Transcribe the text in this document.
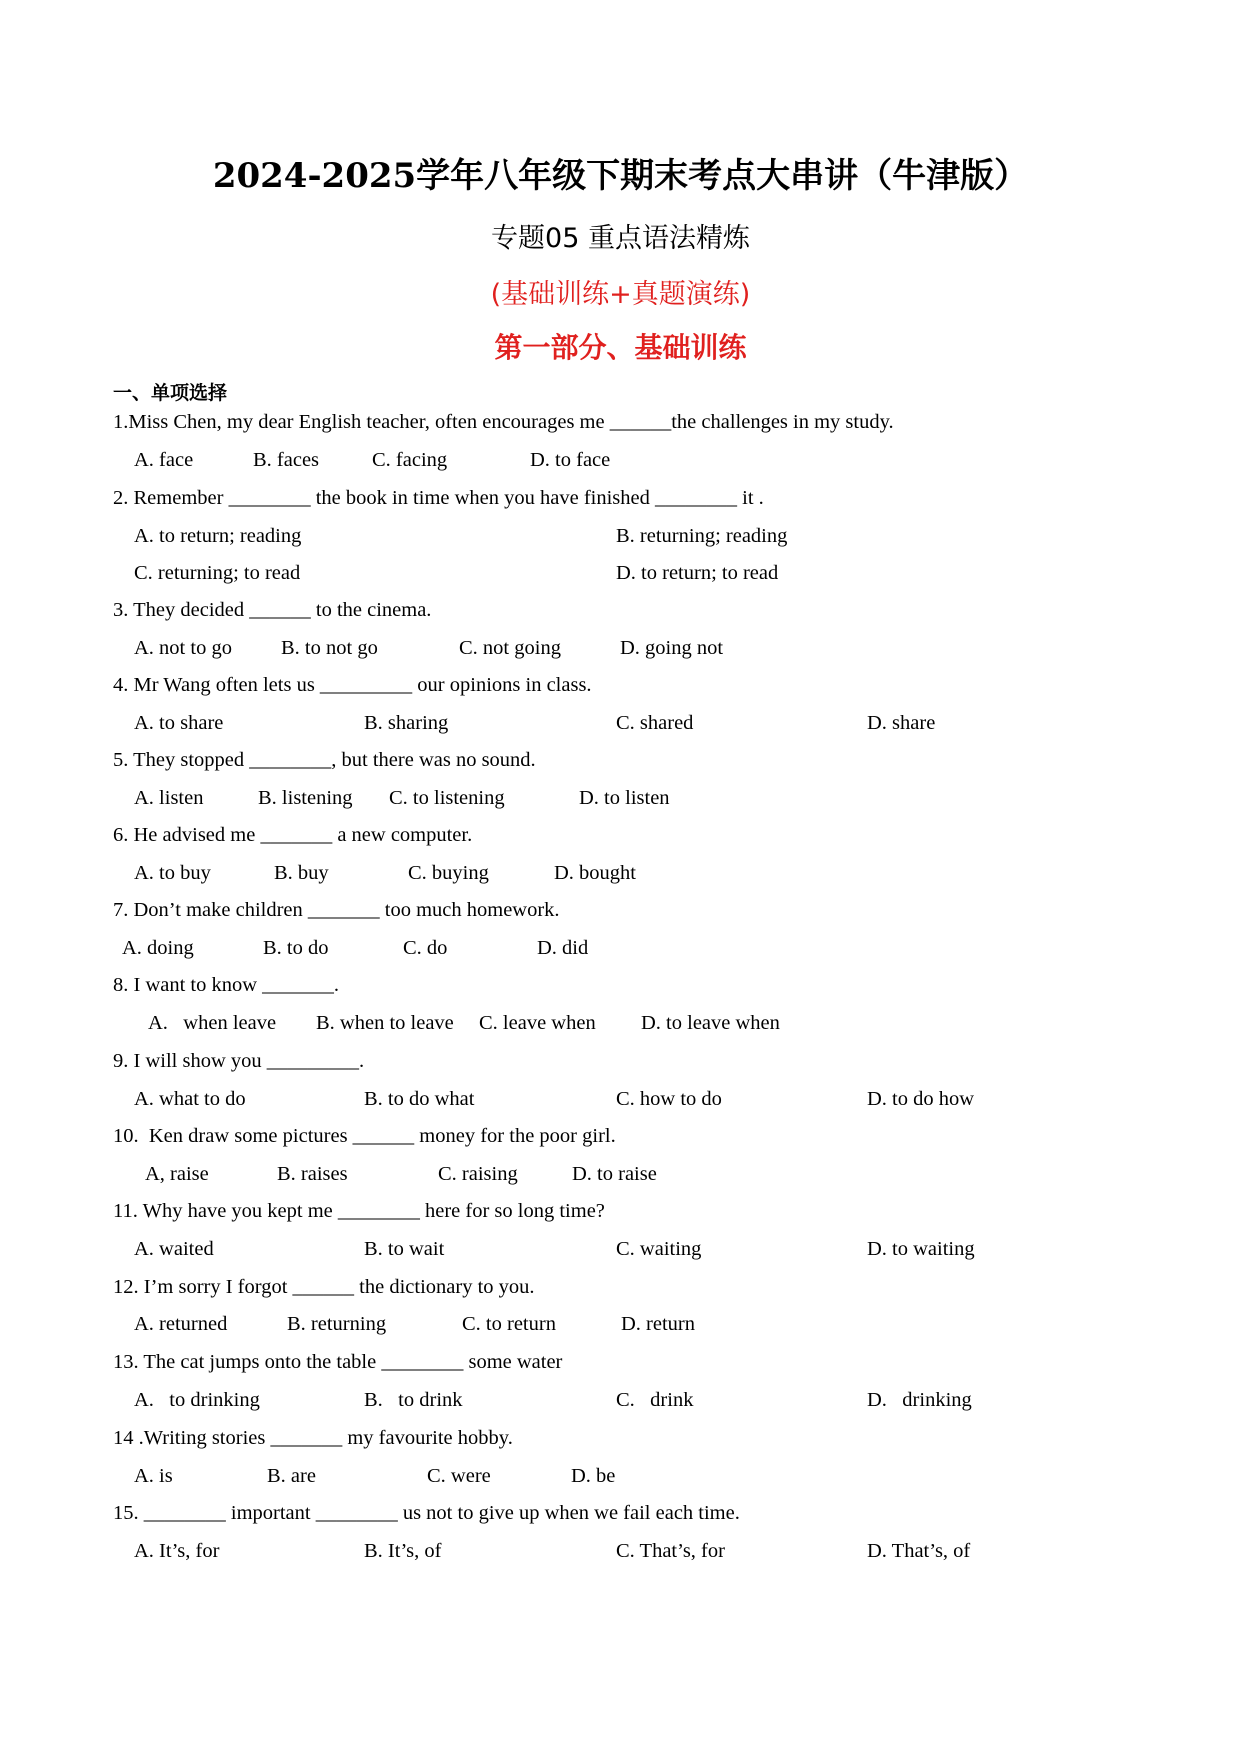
2024-2025学年八年级下期末考点大串讲（牛津版）
专题05 重点语法精炼
(基础训练+真题演练)
第一部分、基础训练
一、单项选择
1.Miss Chen, my dear English teacher, often encourages me ______the challenges in my study.
A. face	B. faces	C. facing	D. to face
2. Remember ________ the book in time when you have finished ________ it .
A. to return; reading	B. returning; reading
C. returning; to read	D. to return; to read
3. They decided ______ to the cinema.
A. not to go B. to not go	C. not going	D. going not
4. Mr Wang often lets us _________ our opinions in class.
A. to share	B. sharing	C. shared	D. share
5. They stopped ________, but there was no sound.
A. listen	B. listening C. to listening	D. to listen
6. He advised me _______ a new computer.
A. to buy	B. buy	C. buying	D. bought
7. Don’t make children _______ too much homework.
A. doing	B. to do	C. do	D. did
8. I want to know _______.
A.   when leave B. when to leave C. leave when D. to leave when
9. I will show you _________.
A. what to do	B. to do what	C. how to do	D. to do how
10.  Ken draw some pictures ______ money for the poor girl.
A, raise	B. raises	C. raising	D. to raise
11. Why have you kept me ________ here for so long time?
A. waited	B. to wait	C. waiting	D. to waiting
12. I’m sorry I forgot ______ the dictionary to you.
A. returned	B. returning	C. to return	D. return
13. The cat jumps onto the table ________ some water
A.   to drinking	B.   to drink	C.   drink	D.   drinking
14 .Writing stories _______ my favourite hobby.
A. is	B. are	C. were	D. be
15. ________ important ________ us not to give up when we fail each time.
A. It’s, for	B. It’s, of	C. That’s, for	D. That’s, of
